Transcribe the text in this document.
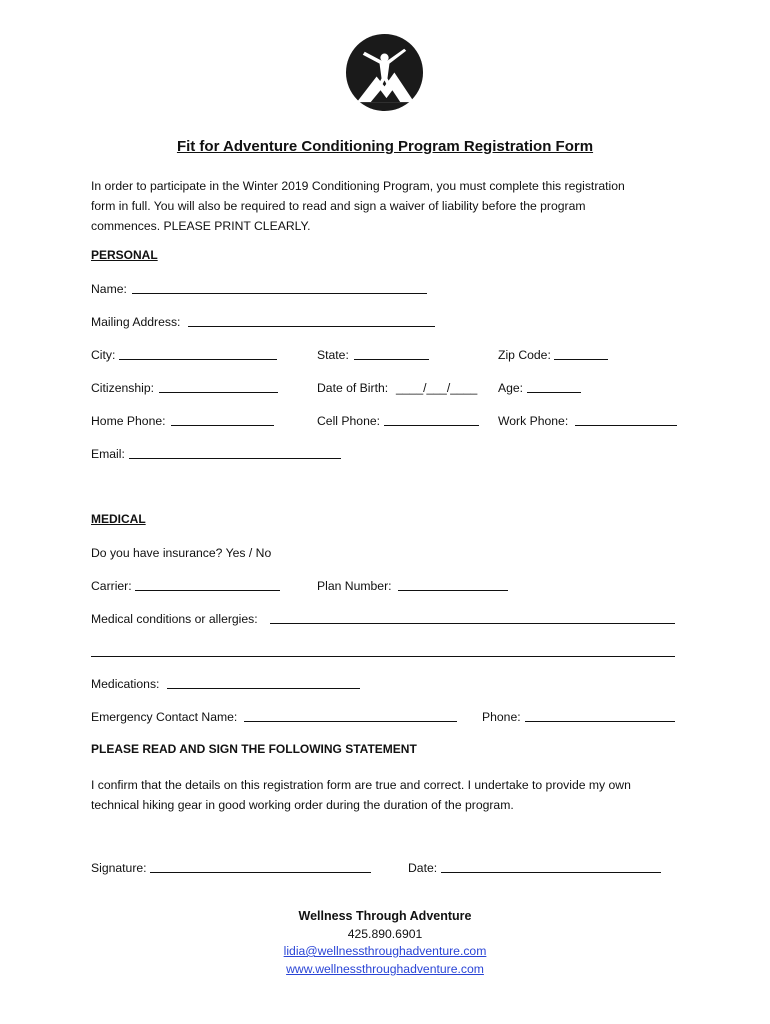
Fit for Adventure Conditioning Program Registration Form

In order to participate in the Winter 2019 Conditioning Program, you must complete this registration

form in full. You will also be required to read and sign a waiver of liability before the program

commences. PLEASE PRINT CLEARLY.

PERSONAL
Name:
Mailing Address:
City:	State:	Zip Code:
Citizenship:	Date of Birth: ____/___/____ Age:
Home Phone:	Cell Phone:	Work Phone:
Email:
MEDICAL
Do you have insurance? Yes / No
Carrier:	Plan Number:
Medical conditions or allergies:
Medications:
Emergency Contact Name:	Phone:
PLEASE READ AND SIGN THE FOLLOWING STATEMENT
I confirm that the details on this registration form are true and correct. I undertake to provide my own
technical hiking gear in good working order during the duration of the program.
Signature:	Date:
Wellness Through Adventure
425.890.6901
lidia@wellnessthroughadventure.com
www.wellnessthroughadventure.com
